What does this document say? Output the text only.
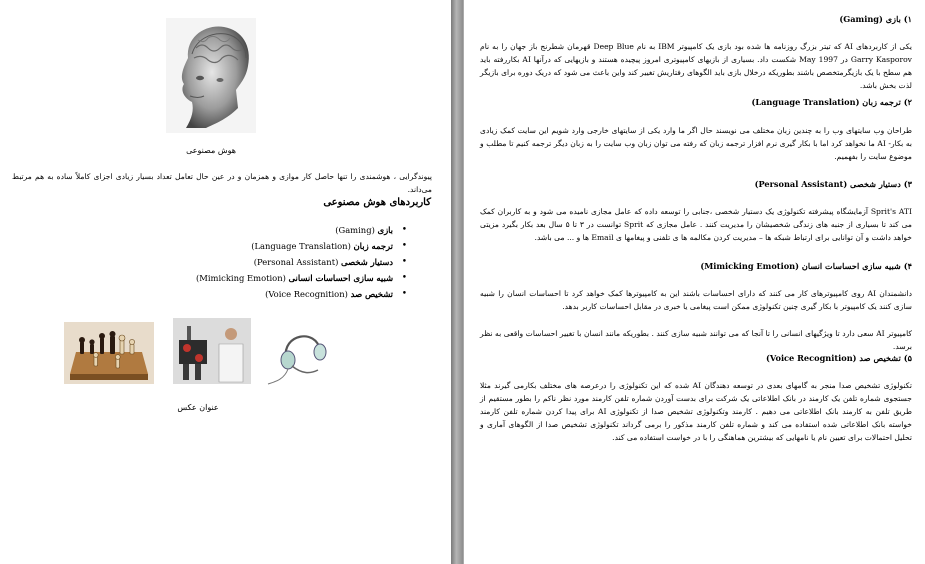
هوش مصنوعی
پیوندگرایی ، هوشمندی را تنها حاصل کار موازی و همزمان و در عین حال تعامل تعداد بسیار زیادی اجزای کاملاً ساده به هم مرتبط می‌داند.
کاربردهای هوش مصنوعی
• بازی (Gaming)
• ترجمه زبان (Language Translation)
• دستیار شخصی (Personal Assistant)
• شبیه سازی احساسات انسانی (Mimicking Emotion)
• تشخیص صد (Voice Recognition)
عنوان عکس
۱) بازی (Gaming)
یکی از کاربردهای AI که تیتر بزرگ روزنامه ها شده بود بازی یک کامپیوتر IBM به نام Deep Blue قهرمان شطرنج باز جهان را به نام Garry Kasporov در May 1997 شکست داد. بسیاری از بازیهای کامپیوتری امروز پیچیده هستند و بازیهایی که درآنها AI بکاررفته باید هم سطح با یک بازیگرمتخصص باشند بطوریکه درخلال بازی باید الگوهای رفتاریش تغییر کند واین باعث می شود که دریک دوره برای بازیگر لذت بخش باشد.
۲) ترجمه زبان (Language Translation)
طراحان وب سایتهای وب را به چندین زبان مختلف می نویسند حال اگر ما وارد یکی از سایتهای خارجی وارد شویم این سایت کمک زیادی به بکار- AI ما نخواهد کرد اما با بکار گیری نرم افزار ترجمه زبان که رفته می توان زبان وب سایت را به زبان دیگر ترجمه کنیم تا مطلب و موضوع سایت را بفهمیم.
۳) دستیار شخصی (Personal Assistant)
Sprit's ATI آزمایشگاه پیشرفته تکنولوژی یک دستیار شخصی ،جنابی را توسعه داده که عامل مجازی نامیده می شود و به کاربران کمک می کند تا بسیاری از جنبه های زندگی شخصیشان را مدیریت کنند . عامل مجازی که Sprit توانست در ۳ تا ۵ سال بعد بکار بگیرد مزیتی خواهد داشت و آن توانایی برای ارتباط شبکه ها – مدیریت کردن مکالمه ها ی تلفنی و پیغامها ی Email ها و ... می باشد.
۴) شبیه سازی احساسات انسان (Mimicking Emotion)
دانشمندان AI روی کامپیوترهای کار می کنند که دارای احساسات باشند این به کامپیوترها کمک خواهد کرد تا احساسات انسان را شبیه سازی کنند یک کامپیوتر با بکار گیری چنین تکنولوژی ممکن است پیغامی یا خبری در مقابل احساسات کاربر بدهد.
کامپیوتر AI سعی دارد تا ویژگیهای انسانی را تا آنجا که می توانند شبیه سازی کنند . بطوریکه مانند انسان با تغییر احساسات واقعی به نظر برسد.
۵) تشخیص صد (Voice Recognition)
تکنولوژی تشخیص صدا منجر به گامهای بعدی در توسعه دهندگان AI شده که این تکنولوژی را درعرصه های مختلف بکارمی گیرند مثلا جستجوی شماره تلفن یک کارمند در بانک اطلاعاتی یک شرکت برای بدست آوردن شماره تلفن کارمند مورد نظر ناکم را بطور مستقیم از طریق تلفن به کارمند بانک اطلاعاتی می دهیم . کارمند وتکنولوژی تشخیص صدا از تکنولوژی AI برای پیدا کردن شماره تلفن کارمند خواسته بانک اطلاعاتی شده استفاده می کند و شماره تلفن کارمند مذکور را برمی گرداند تکنولوژی تشخیص صدا از الگوهای آماری و تحلیل احتمالات برای تعیین نام یا نامهایی که بیشترین هماهنگی را با در خواست استفاده می کند.
